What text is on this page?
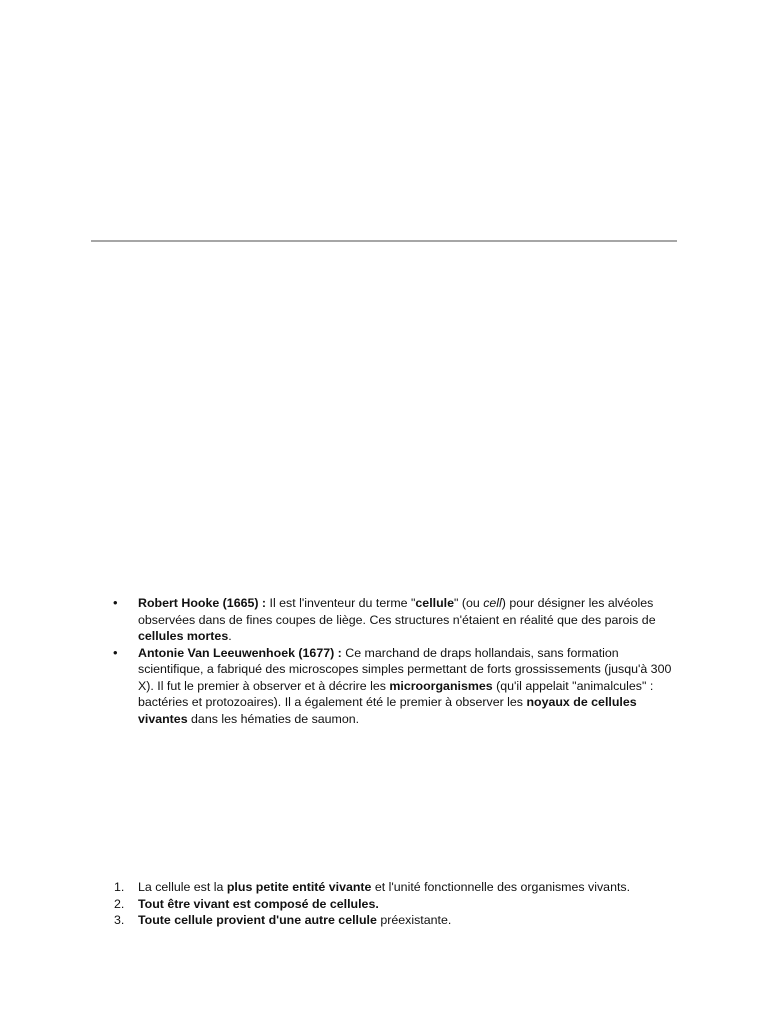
•	Robert Hooke (1665) : Il est l'inventeur du terme "cellule" (ou cell) pour désigner les alvéoles observées dans de fines coupes de liège. Ces structures n'étaient en réalité que des parois de cellules mortes.
•	Antonie Van Leeuwenhoek (1677) : Ce marchand de draps hollandais, sans formation scientifique, a fabriqué des microscopes simples permettant de forts grossissements (jusqu'à 300 X). Il fut le premier à observer et à décrire les microorganismes (qu'il appelait "animalcules" : bactéries et protozoaires). Il a également été le premier à observer les noyaux de cellules vivantes dans les hématies de saumon.
1.	La cellule est la plus petite entité vivante et l'unité fonctionnelle des organismes vivants.
2.	Tout être vivant est composé de cellules.
3.	Toute cellule provient d'une autre cellule préexistante.
